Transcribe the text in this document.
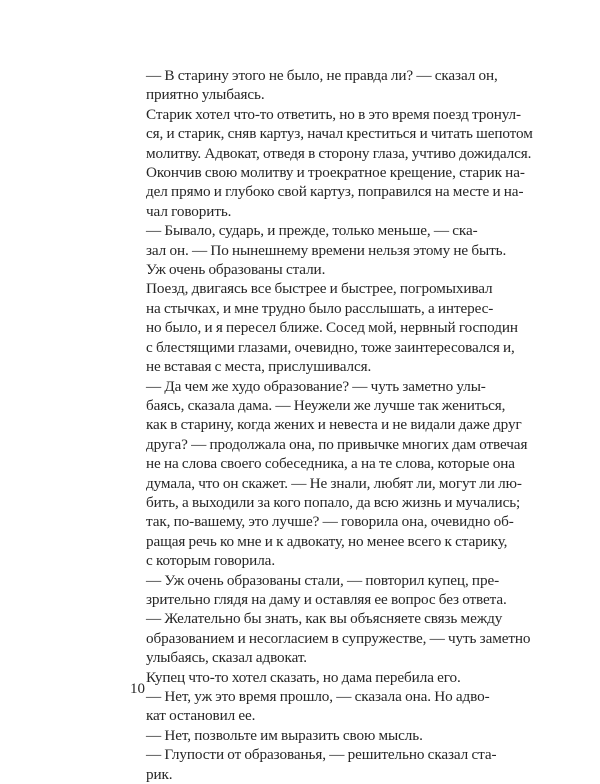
— В старину этого не было, не правда ли? — сказал он,
приятно улыбаясь.

Старик хотел что-то ответить, но в это время поезд тронул-
ся, и старик, сняв картуз, начал креститься и читать шепотом
молитву. Адвокат, отведя в сторону глаза, учтиво дожидался.
Окончив свою молитву и троекратное крещение, старик на-
дел прямо и глубоко свой картуз, поправился на месте и на-
чал говорить.

— Бывало, сударь, и прежде, только меньше, — ска-
зал он. — По нынешнему времени нельзя этому не быть.
Уж очень образованы стали.

Поезд, двигаясь все быстрее и быстрее, погромыхивал
на стычках, и мне трудно было расслышать, а интерес-
но было, и я пересел ближе. Сосед мой, нервный господин
с блестящими глазами, очевидно, тоже заинтересовался и,
не вставая с места, прислушивался.

— Да чем же худо образование? — чуть заметно улы-
баясь, сказала дама. — Неужели же лучше так жениться,
как в старину, когда жених и невеста и не видали даже друг
друга? — продолжала она, по привычке многих дам отвечая
не на слова своего собеседника, а на те слова, которые она
думала, что он скажет. — Не знали, любят ли, могут ли лю-
бить, а выходили за кого попало, да всю жизнь и мучались;
так, по-вашему, это лучше? — говорила она, очевидно об-
ращая речь ко мне и к адвокату, но менее всего к старику,
с которым говорила.

— Уж очень образованы стали, — повторил купец, пре-
зрительно глядя на даму и оставляя ее вопрос без ответа.

— Желательно бы знать, как вы объясняете связь между
образованием и несогласием в супружестве, — чуть заметно
улыбаясь, сказал адвокат.

Купец что-то хотел сказать, но дама перебила его.

— Нет, уж это время прошло, — сказала она. Но адво-
кат остановил ее.

— Нет, позвольте им выразить свою мысль.

— Глупости от образованья, — решительно сказал ста-
рик.

10
